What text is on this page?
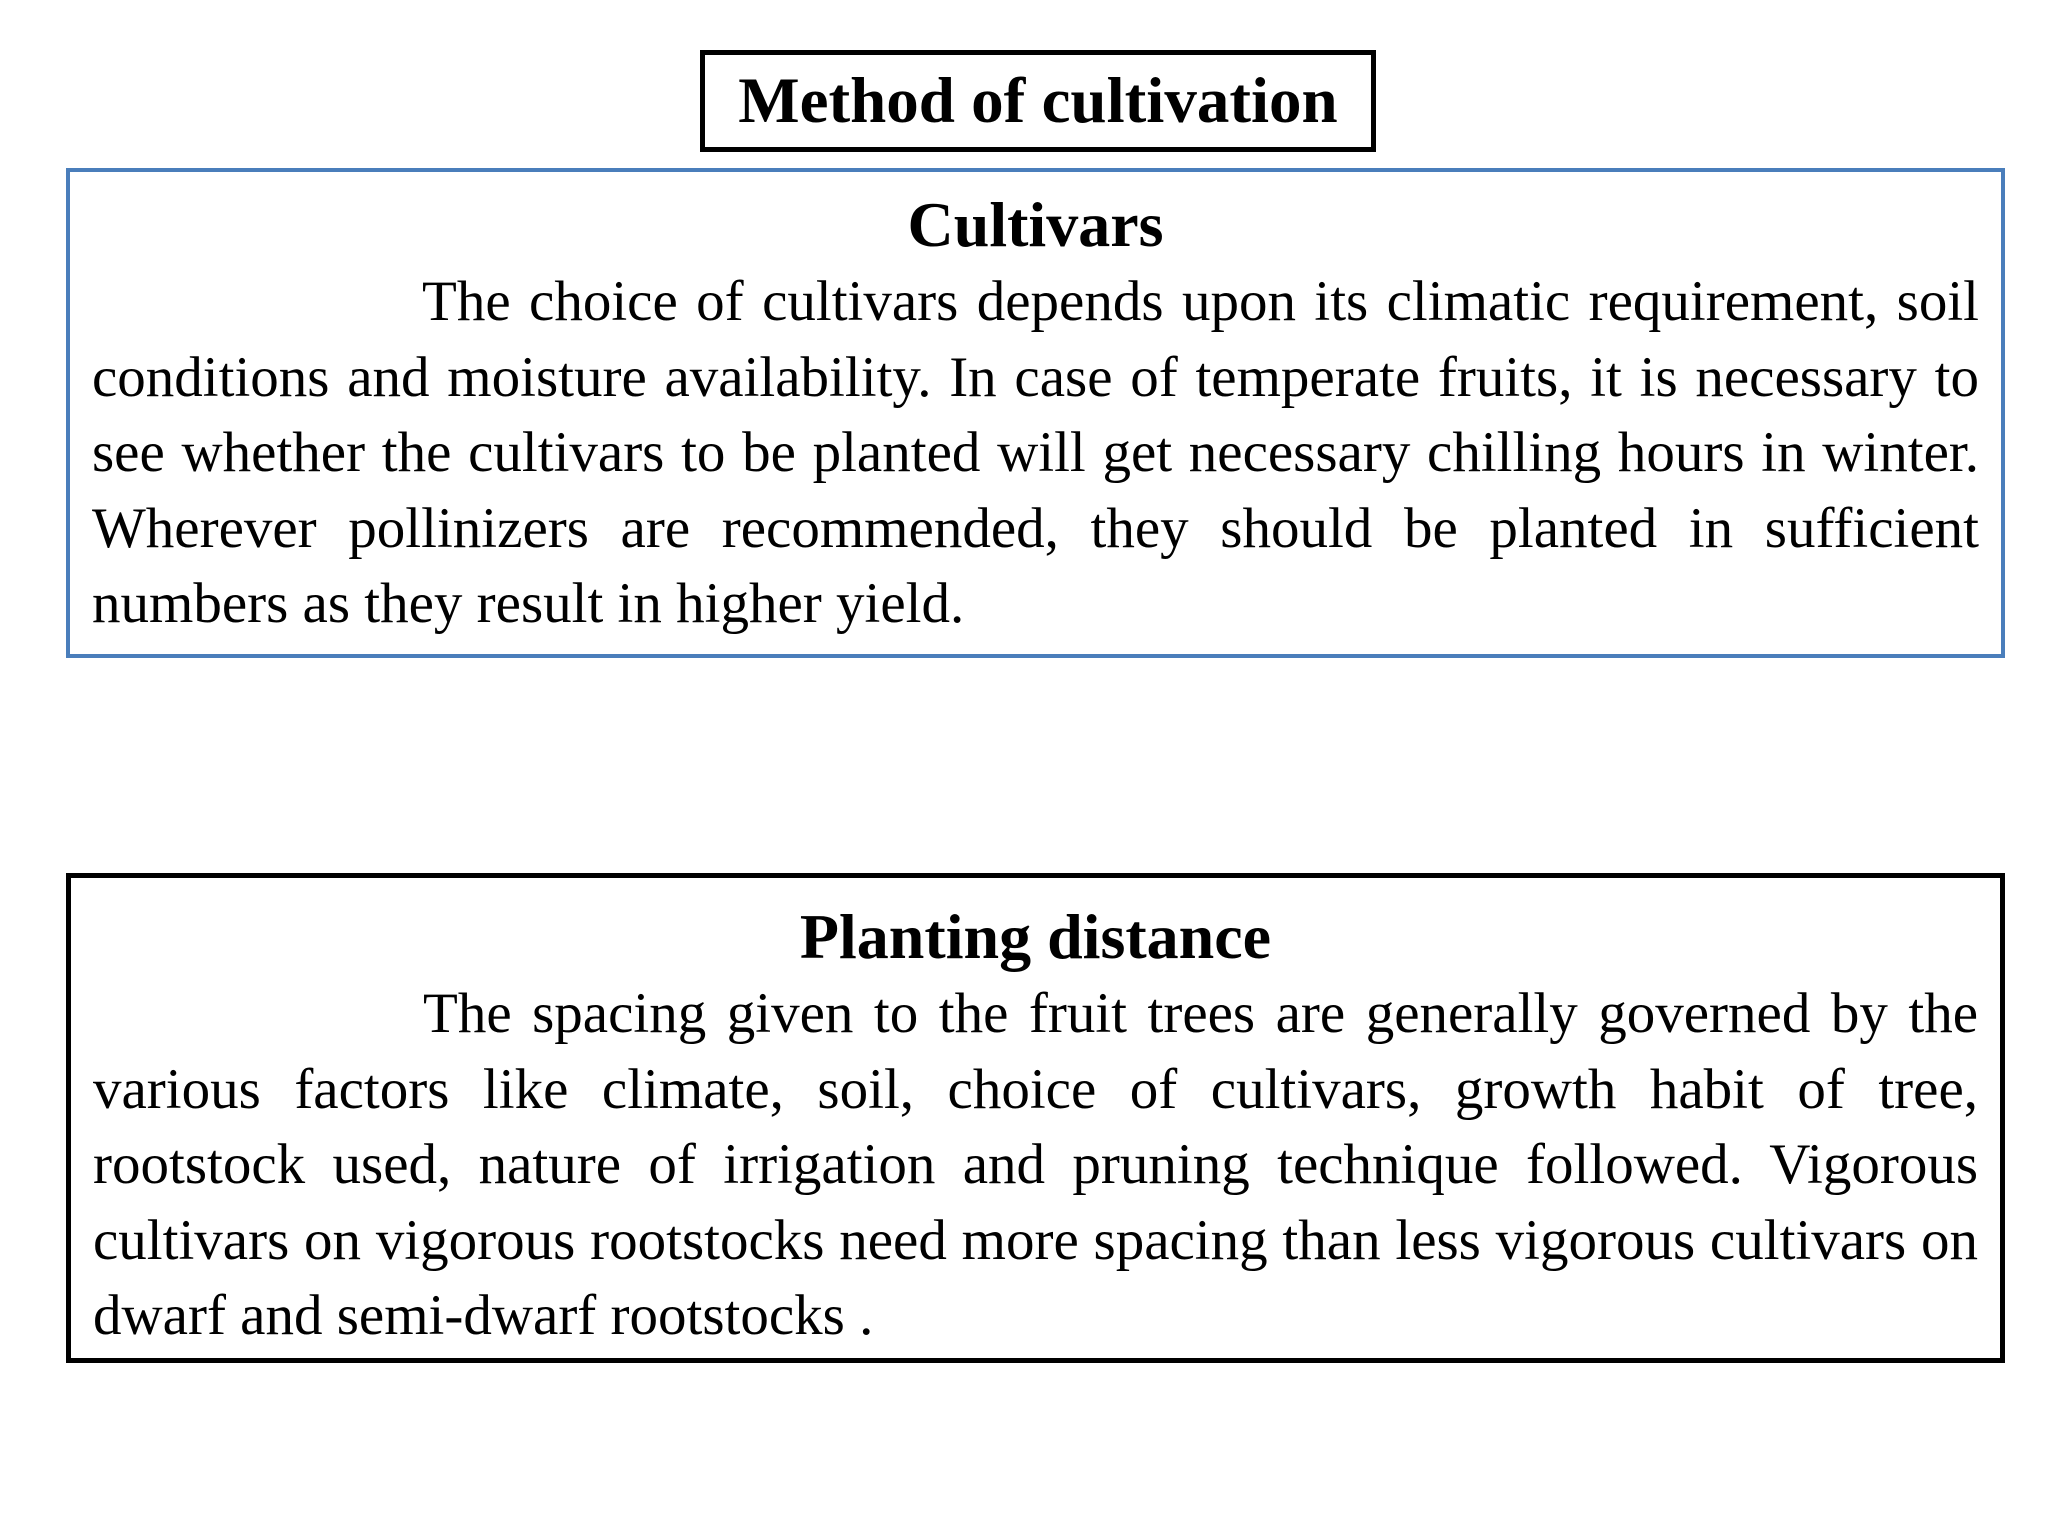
Method of cultivation

Cultivars

The choice of cultivars depends upon its climatic requirement, soil conditions and moisture availability. In case of temperate fruits, it is necessary to see whether the cultivars to be planted will get necessary chilling hours in winter. Wherever pollinizers are recommended, they should be planted in sufficient numbers as they result in higher yield.

Planting distance

The spacing given to the fruit trees are generally governed by the various factors like climate, soil, choice of cultivars, growth habit of tree, rootstock used, nature of irrigation and pruning technique followed. Vigorous cultivars on vigorous rootstocks need more spacing than less vigorous cultivars on dwarf and semi-dwarf rootstocks .
